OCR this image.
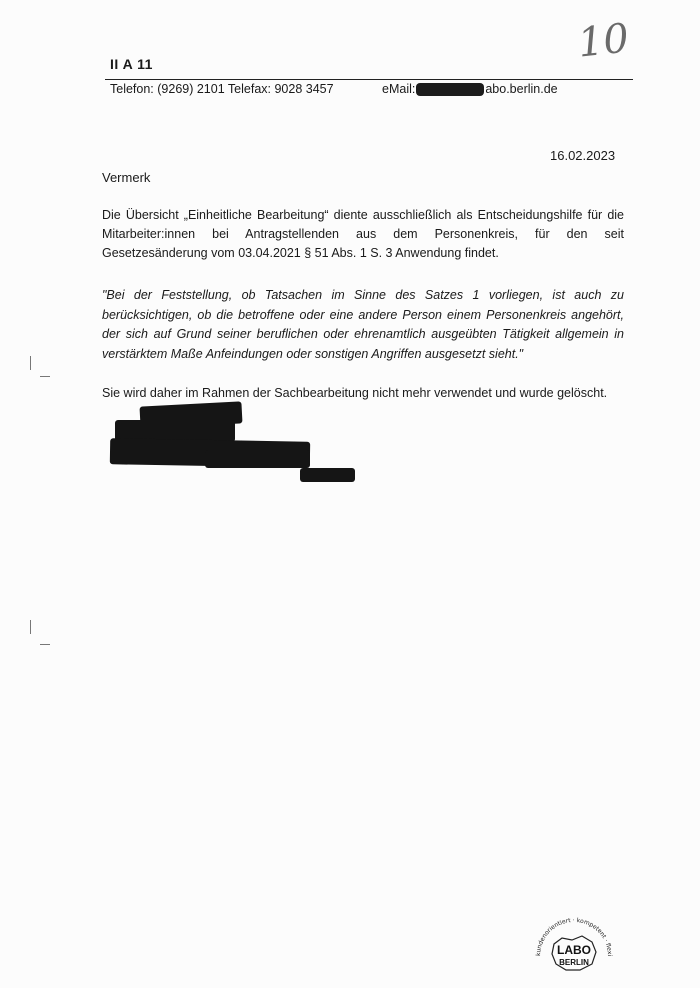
10
II A 11
Telefon: (9269) 2101 Telefax: 9028 3457	eMail:	abo.berlin.de
16.02.2023
Vermerk

Die Übersicht „Einheitliche Bearbeitung“ diente ausschließlich als Entscheidungshilfe für die Mitarbeiter:innen bei Antragstellenden aus dem Personenkreis, für den seit Gesetzesänderung vom 03.04.2021 § 51 Abs. 1 S. 3 Anwendung findet.

"Bei der Feststellung, ob Tatsachen im Sinne des Satzes 1 vorliegen, ist auch zu berücksichtigen, ob die betroffene oder eine andere Person einem Personenkreis angehört, der sich auf Grund seiner beruflichen oder ehrenamtlich ausgeübten Tätigkeit allgemein in verstärktem Maße Anfeindungen oder sonstigen Angriffen ausgesetzt sieht."

Sie wird daher im Rahmen der Sachbearbeitung nicht mehr verwendet und wurde gelöscht.

kundenorientiert · kompetent · flexibel
LABO
BERLIN
